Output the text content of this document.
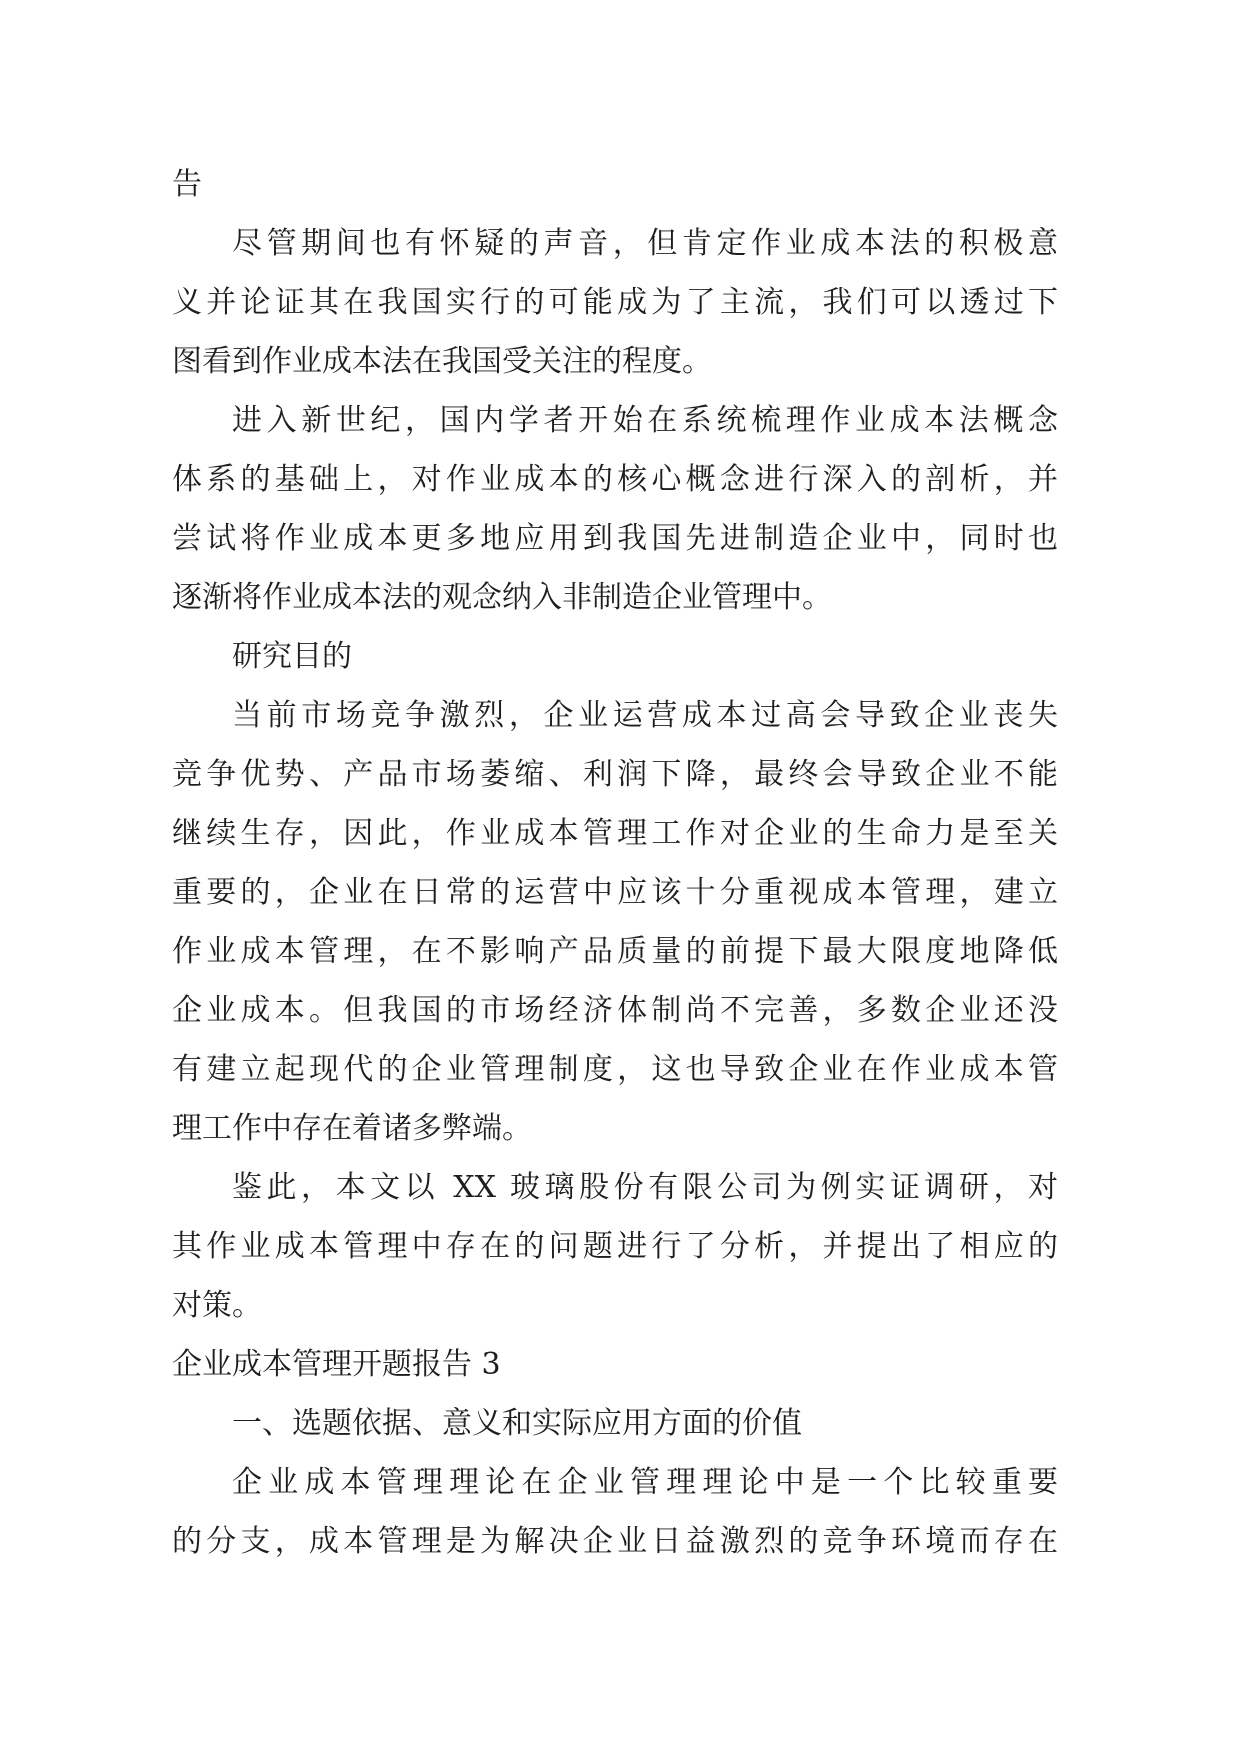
告
尽管期间也有怀疑的声音，但肯定作业成本法的积极意
义并论证其在我国实行的可能成为了主流，我们可以透过下
图看到作业成本法在我国受关注的程度。
进入新世纪，国内学者开始在系统梳理作业成本法概念
体系的基础上，对作业成本的核心概念进行深入的剖析，并
尝试将作业成本更多地应用到我国先进制造企业中，同时也
逐渐将作业成本法的观念纳入非制造企业管理中。
研究目的
当前市场竞争激烈，企业运营成本过高会导致企业丧失
竞争优势、产品市场萎缩、利润下降，最终会导致企业不能
继续生存，因此，作业成本管理工作对企业的生命力是至关
重要的，企业在日常的运营中应该十分重视成本管理，建立
作业成本管理，在不影响产品质量的前提下最大限度地降低
企业成本。但我国的市场经济体制尚不完善，多数企业还没
有建立起现代的企业管理制度，这也导致企业在作业成本管
理工作中存在着诸多弊端。
鉴此，本文以 XX 玻璃股份有限公司为例实证调研，对
其作业成本管理中存在的问题进行了分析，并提出了相应的
对策。
企业成本管理开题报告 3
一、选题依据、意义和实际应用方面的价值
企业成本管理理论在企业管理理论中是一个比较重要
的分支，成本管理是为解决企业日益激烈的竞争环境而存在
